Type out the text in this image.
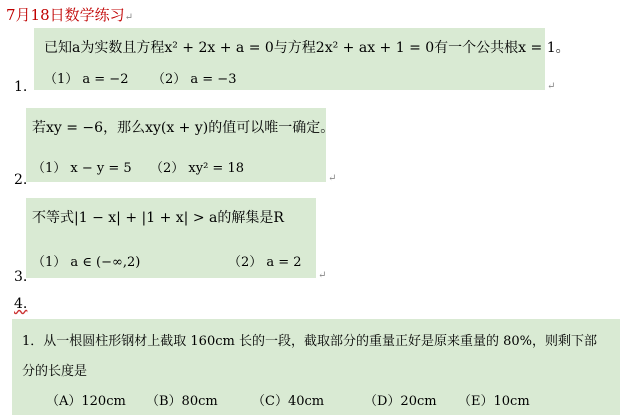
7月18日数学练习↵
已知a为实数且方程x² + 2x + a = 0与方程2x² + ax + 1 = 0有一个公共根x = 1。
（1） a = −2 （2） a = −3
1.	↵
若xy = −6，那么xy(x + y)的值可以唯一确定。
（1） x − y = 5 （2） xy² = 18
2.	↵
不等式|1 − x| + |1 + x| > a的解集是R
（1） a ∈ (−∞,2)	（2） a = 2
3.	↵
4.
1．从一根圆柱形钢材上截取 160cm 长的一段，截取部分的重量正好是原来重量的 80%，则剩下部
分的长度是
（A）120cm （B）80cm	（C）40cm	（D）20cm （E）10cm
